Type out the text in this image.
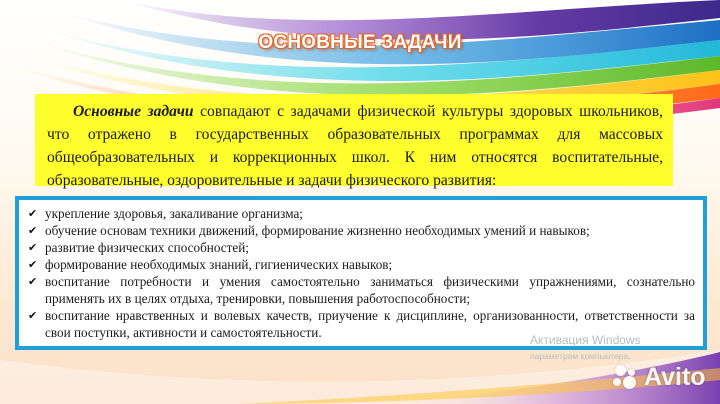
ОСНОВНЫЕ ЗАДАЧИ
Основные задачи совпадают с задачами физической культуры здоровых школьников, что отражено в государственных образовательных программах для массовых общеобразовательных и коррекционных школ. К ним относятся воспитательные, образовательные, оздоровительные и задачи физического развития:
✔ укрепление здоровья, закаливание организма;
✔ обучение основам техники движений, формирование жизненно необходимых умений и навыков;
✔ развитие физических способностей;
✔ формирование необходимых знаний, гигиенических навыков;
✔ воспитание потребности и умения самостоятельно заниматься физическими упражнениями, сознательно применять их в целях отдыха, тренировки, повышения работоспособности;
✔ воспитание нравственных и волевых качеств, приучение к дисциплине, организованности, ответственности за свои поступки, активности и самостоятельности.	Активация Windows
параметрам компьютера.
Avito
